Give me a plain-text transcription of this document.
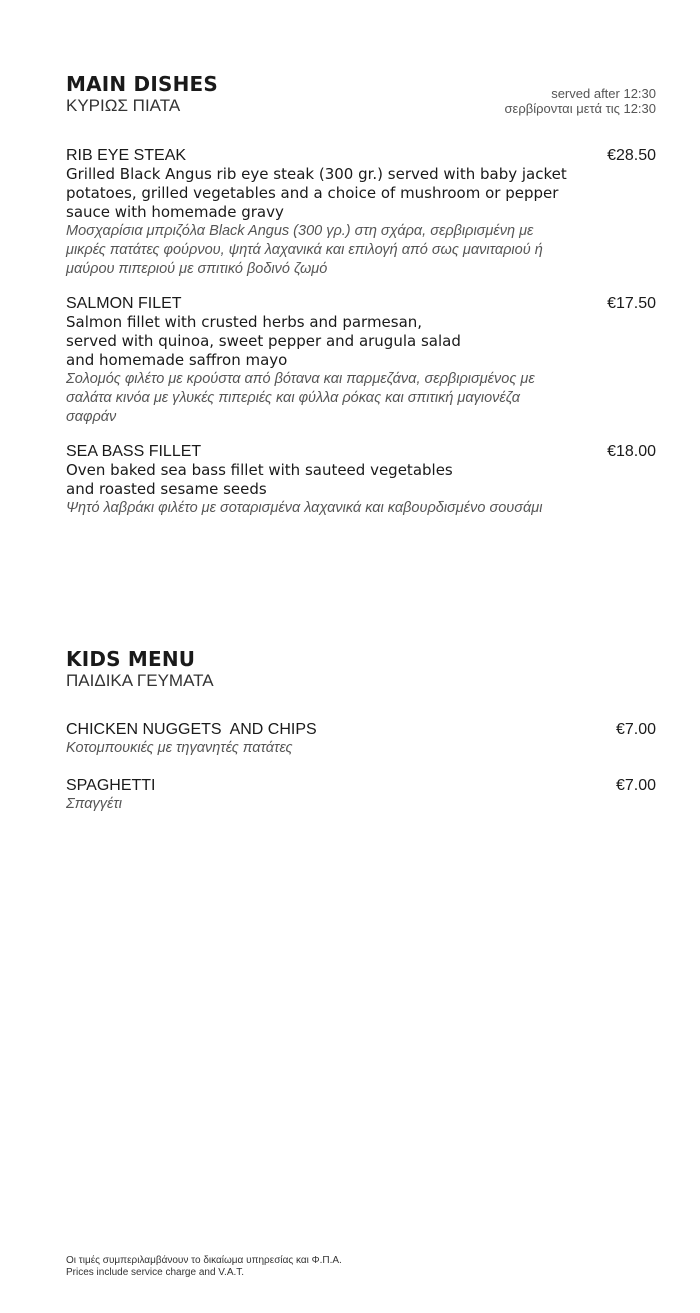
MAIN DISHES
ΚΥΡΙΩΣ ΠΙΑΤΑ
served after 12:30
σερβίρονται μετά τις 12:30
RIB EYE STEAK	€28.50
Grilled Black Angus rib eye steak (300 gr.) served with baby jacket potatoes, grilled vegetables and a choice of mushroom or pepper sauce with homemade gravy
Μοσχαρίσια μπριζόλα Black Angus (300 γρ.) στη σχάρα, σερβιρισμένη με μικρές πατάτες φούρνου, ψητά λαχανικά και επιλογή από σως μανιταριού ή μαύρου πιπεριού με σπιτικό βοδινό ζωμό
SALMON FILET	€17.50
Salmon fillet with crusted herbs and parmesan, served with quinoa, sweet pepper and arugula salad and homemade saffron mayo
Σολομός φιλέτο με κρούστα από βότανα και παρμεζάνα, σερβιρισμένος με σαλάτα κινόα με γλυκές πιπεριές και φύλλα ρόκας και σπιτική μαγιονέζα σαφράν
SEA BASS FILLET	€18.00
Oven baked sea bass fillet with sauteed vegetables and roasted sesame seeds
Ψητό λαβράκι φιλέτο με σοταρισμένα λαχανικά και καβουρδισμένο σουσάμι
KIDS MENU
ΠΑΙΔΙΚΑ ΓΕΥΜΑΤΑ
CHICKEN NUGGETS  AND CHIPS	€7.00
Κοτομπουκιές με τηγανητές πατάτες
SPAGHETTI	€7.00
Σπαγγέτι
Οι τιμές συμπεριλαμβάνουν το δικαίωμα υπηρεσίας και Φ.Π.Α.
Prices include service charge and V.A.T.
